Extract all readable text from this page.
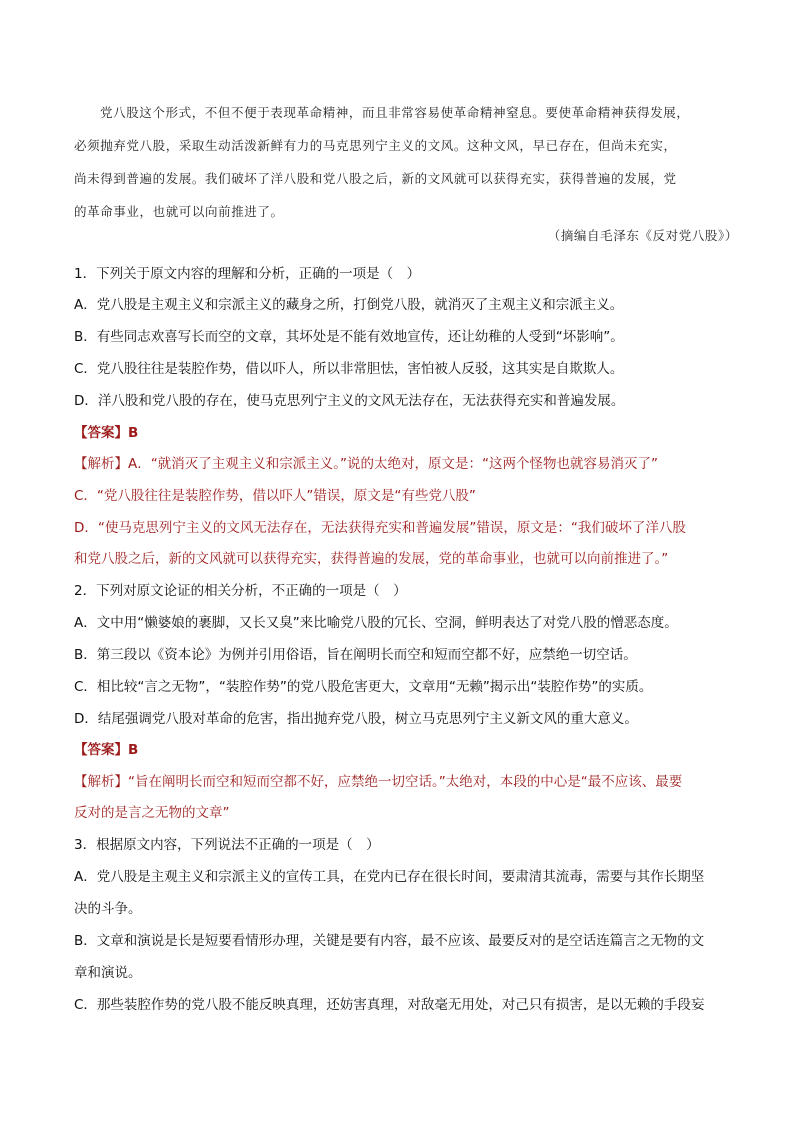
党八股这个形式，不但不便于表现革命精神，而且非常容易使革命精神窒息。要使革命精神获得发展，

必须抛弃党八股，采取生动活泼新鲜有力的马克思列宁主义的文风。这种文风，早已存在，但尚未充实，

尚未得到普遍的发展。我们破坏了洋八股和党八股之后，新的文风就可以获得充实，获得普遍的发展，党

的革命事业，也就可以向前推进了。

（摘编自毛泽东《反对党八股》）
1．下列关于原文内容的理解和分析，正确的一项是（　）
A．党八股是主观主义和宗派主义的藏身之所，打倒党八股，就消灭了主观主义和宗派主义。
B．有些同志欢喜写长而空的文章，其坏处是不能有效地宣传，还让幼稚的人受到“坏影响”。
C．党八股往往是装腔作势，借以吓人，所以非常胆怯，害怕被人反驳，这其实是自欺欺人。
D．洋八股和党八股的存在，使马克思列宁主义的文风无法存在，无法获得充实和普遍发展。
【答案】B
【解析】A．“就消灭了主观主义和宗派主义。”说的太绝对，原文是：“这两个怪物也就容易消灭了”
C．“党八股往往是装腔作势，借以吓人”错误，原文是“有些党八股”
D．“使马克思列宁主义的文风无法存在，无法获得充实和普遍发展”错误，原文是：“我们破坏了洋八股
和党八股之后，新的文风就可以获得充实，获得普遍的发展，党的革命事业，也就可以向前推进了。”
2．下列对原文论证的相关分析，不正确的一项是（　）
A．文中用“懒婆娘的裹脚，又长又臭”来比喻党八股的冗长、空洞，鲜明表达了对党八股的憎恶态度。
B．第三段以《资本论》为例并引用俗语，旨在阐明长而空和短而空都不好，应禁绝一切空话。
C．相比较“言之无物”，“装腔作势”的党八股危害更大，文章用“无赖”揭示出“装腔作势”的实质。
D．结尾强调党八股对革命的危害，指出抛弃党八股，树立马克思列宁主义新文风的重大意义。
【答案】B
【解析】“旨在阐明长而空和短而空都不好，应禁绝一切空话。”太绝对，本段的中心是“最不应该、最要
反对的是言之无物的文章”
3．根据原文内容，下列说法不正确的一项是（　）
A．党八股是主观主义和宗派主义的宣传工具，在党内已存在很长时间，要肃清其流毒，需要与其作长期坚
决的斗争。
B．文章和演说是长是短要看情形办理，关键是要有内容，最不应该、最要反对的是空话连篇言之无物的文
章和演说。
C．那些装腔作势的党八股不能反映真理，还妨害真理，对敌毫无用处，对己只有损害，是以无赖的手段妄
